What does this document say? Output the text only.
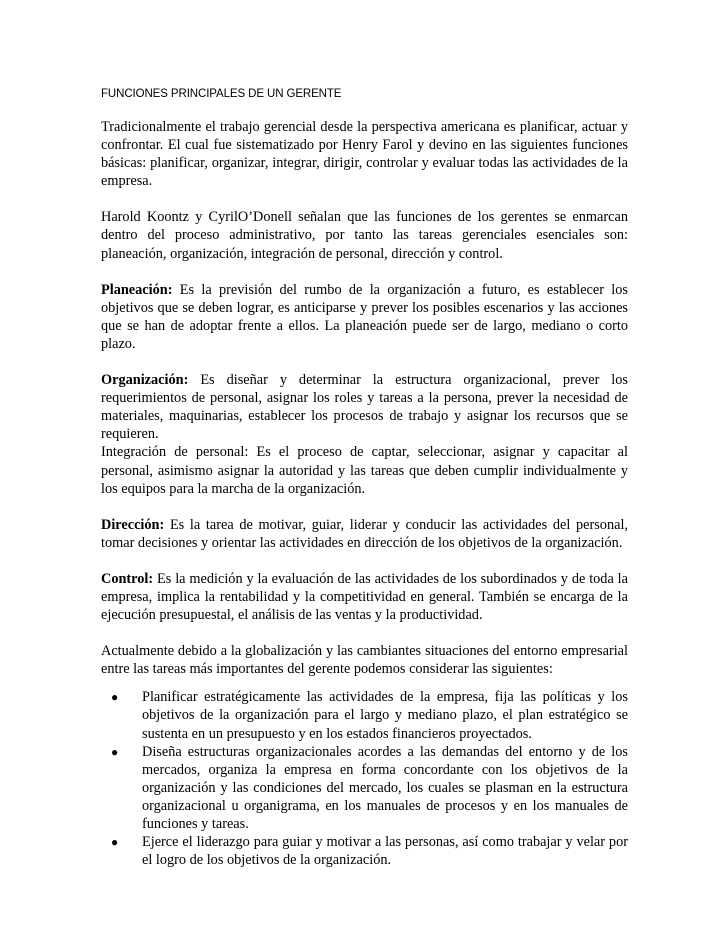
FUNCIONES PRINCIPALES DE UN GERENTE

Tradicionalmente el trabajo gerencial desde la perspectiva americana es planificar, actuar y confrontar. El cual fue sistematizado por Henry Farol y devino en las siguientes funciones básicas: planificar, organizar, integrar, dirigir, controlar y evaluar todas las actividades de la empresa.

Harold Koontz y CyrilO’Donell señalan que las funciones de los gerentes se enmarcan dentro del proceso administrativo, por tanto las tareas gerenciales esenciales son: planeación, organización, integración de personal, dirección y control.

Planeación: Es la previsión del rumbo de la organización a futuro, es establecer los objetivos que se deben lograr, es anticiparse y prever los posibles escenarios y las acciones que se han de adoptar frente a ellos. La planeación puede ser de largo, mediano o corto plazo.

Organización: Es diseñar y determinar la estructura organizacional, prever los requerimientos de personal, asignar los roles y tareas a la persona, prever la necesidad de materiales, maquinarias, establecer los procesos de trabajo y asignar los recursos que se requieren.

Integración de personal: Es el proceso de captar, seleccionar, asignar y capacitar al personal, asimismo asignar la autoridad y las tareas que deben cumplir individualmente y los equipos para la marcha de la organización.

Dirección: Es la tarea de motivar, guiar, liderar y conducir las actividades del personal, tomar decisiones y orientar las actividades en dirección de los objetivos de la organización.

Control: Es la medición y la evaluación de las actividades de los subordinados y de toda la empresa, implica la rentabilidad y la competitividad en general. También se encarga de la ejecución presupuestal, el análisis de las ventas y la productividad.

Actualmente debido a la globalización y las cambiantes situaciones del entorno empresarial entre las tareas más importantes del gerente podemos considerar las siguientes:

● Planificar estratégicamente las actividades de la empresa, fija las políticas y los objetivos de la organización para el largo y mediano plazo, el plan estratégico se sustenta en un presupuesto y en los estados financieros proyectados.
● Diseña estructuras organizacionales acordes a las demandas del entorno y de los mercados, organiza la empresa en forma concordante con los objetivos de la organización y las condiciones del mercado, los cuales se plasman en la estructura organizacional u organigrama, en los manuales de procesos y en los manuales de funciones y tareas.
● Ejerce el liderazgo para guiar y motivar a las personas, así como trabajar y velar por el logro de los objetivos de la organización.
